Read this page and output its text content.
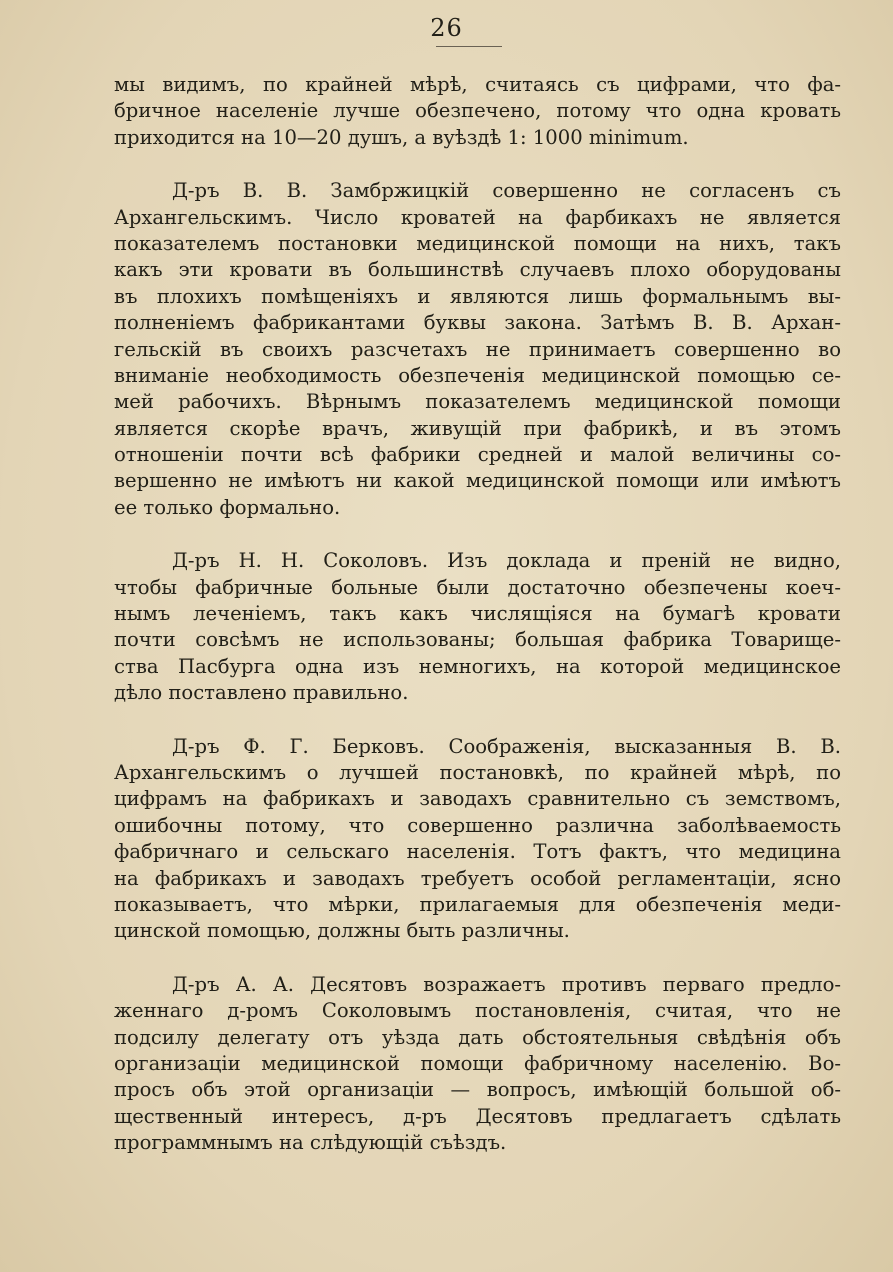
26
мы видимъ, по крайней мѣрѣ, считаясь съ цифрами, что фа-
бричное населеніе лучше обезпечено, потому что одна кровать
приходится на 10—20 душъ, а вуѣздѣ 1: 1000 minimum.
Д-ръ В. В. Замбржицкій совершенно не согласенъ съ
Архангельскимъ. Число кроватей на фарбикахъ не является
показателемъ постановки медицинской помощи на нихъ, такъ
какъ эти кровати въ большинствѣ случаевъ плохо оборудованы
въ плохихъ помѣщеніяхъ и являются лишь формальнымъ вы-
полненіемъ фабрикантами буквы закона. Затѣмъ В. В. Архан-
гельскій въ своихъ разсчетахъ не принимаетъ совершенно во
вниманіе необходимость обезпеченія медицинской помощью се-
мей рабочихъ. Вѣрнымъ показателемъ медицинской помощи
является скорѣе врачъ, живущій при фабрикѣ, и въ этомъ
отношеніи почти всѣ фабрики средней и малой величины со-
вершенно не имѣютъ ни какой медицинской помощи или имѣютъ
ее только формально.
Д-ръ Н. Н. Соколовъ. Изъ доклада и преній не видно,
чтобы фабричные больные были достаточно обезпечены коеч-
нымъ леченіемъ, такъ какъ числящіяся на бумагѣ кровати
почти совсѣмъ не использованы; большая фабрика Товарище-
ства Пасбурга одна изъ немногихъ, на которой медицинское
дѣло поставлено правильно.
Д-ръ Ф. Г. Берковъ. Соображенія, высказанныя В. В.
Архангельскимъ о лучшей постановкѣ, по крайней мѣрѣ, по
цифрамъ на фабрикахъ и заводахъ сравнительно съ земствомъ,
ошибочны потому, что совершенно различна заболѣваемость
фабричнаго и сельскаго населенія. Тотъ фактъ, что медицина
на фабрикахъ и заводахъ требуетъ особой регламентаціи, ясно
показываетъ, что мѣрки, прилагаемыя для обезпеченія меди-
цинской помощью, должны быть различны.
Д-ръ А. А. Десятовъ возражаетъ противъ перваго предло-
женнаго д-ромъ Соколовымъ постановленія, считая, что не
подсилу делегату отъ уѣзда дать обстоятельныя свѣдѣнія объ
организаціи медицинской помощи фабричному населенію. Во-
просъ объ этой организаціи — вопросъ, имѣющій большой об-
щественный интересъ, д-ръ Десятовъ предлагаетъ сдѣлать
программнымъ на слѣдующій съѣздъ.
